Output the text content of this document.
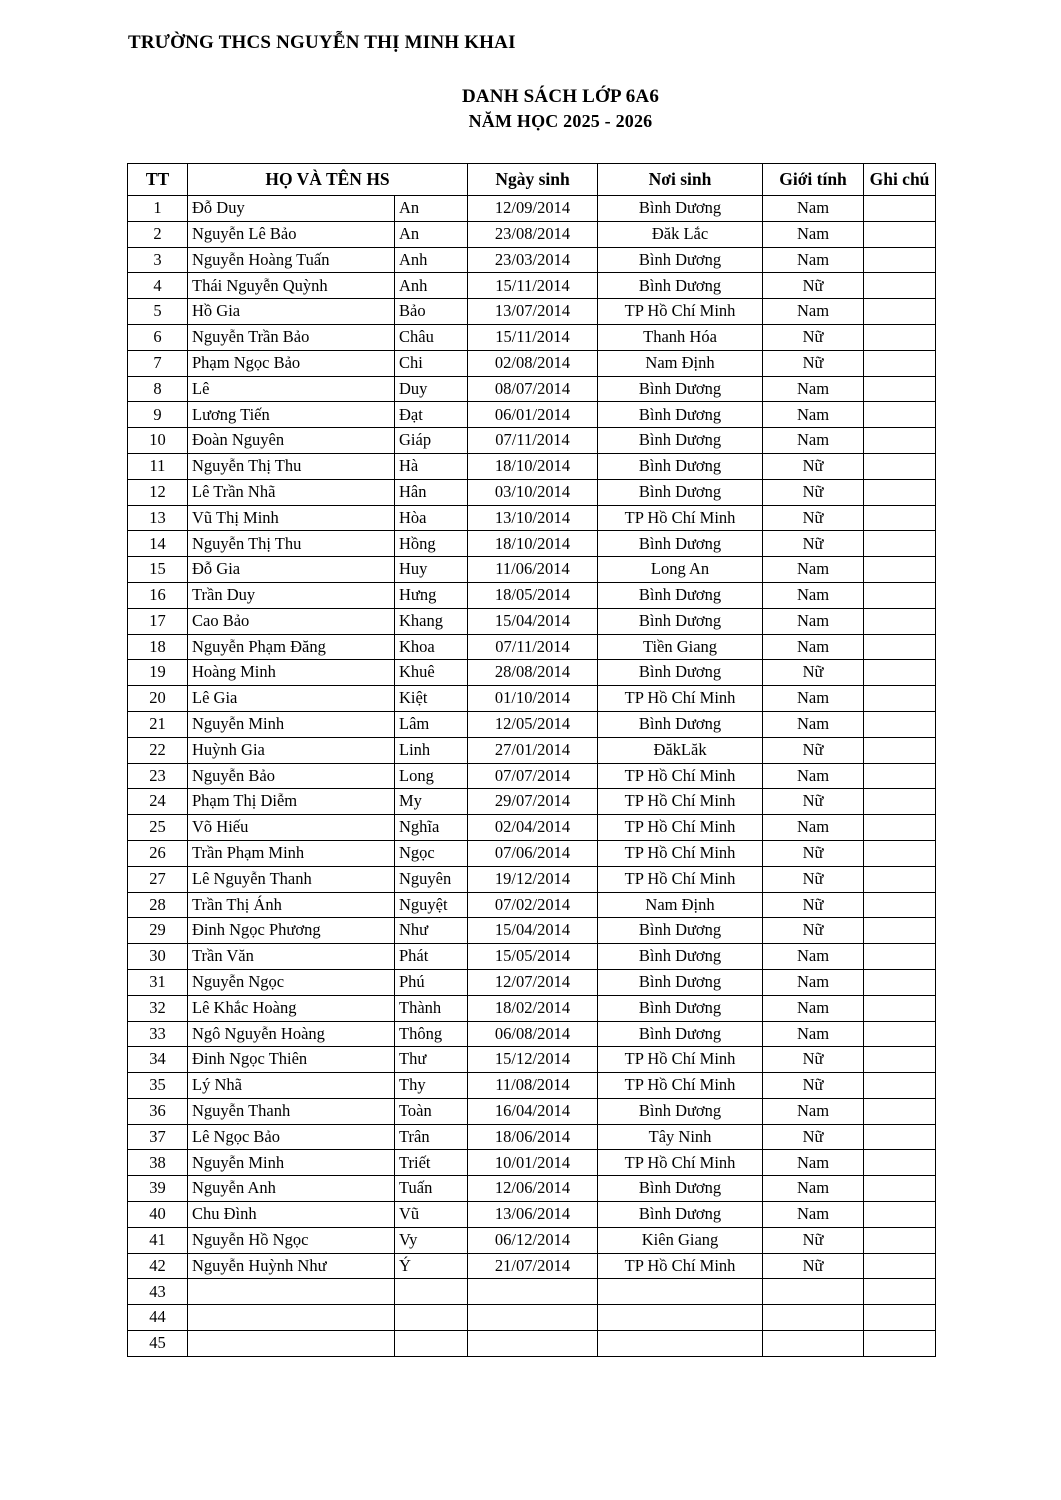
TRƯỜNG THCS NGUYỄN THỊ MINH KHAI
DANH SÁCH LỚP 6A6
NĂM HỌC 2025 - 2026
TT	HỌ VÀ TÊN HS		Ngày sinh	Nơi sinh	Giới tính	Ghi chú
1	Đỗ Duy	An	12/09/2014	Bình Dương	Nam	
2	Nguyễn Lê Bảo	An	23/08/2014	Đăk Lắc	Nam	
3	Nguyễn Hoàng Tuấn	Anh	23/03/2014	Bình Dương	Nam	
4	Thái Nguyễn Quỳnh	Anh	15/11/2014	Bình Dương	Nữ	
5	Hồ Gia	Bảo	13/07/2014	TP Hồ Chí Minh	Nam	
6	Nguyễn Trần Bảo	Châu	15/11/2014	Thanh Hóa	Nữ	
7	Phạm Ngọc Bảo	Chi	02/08/2014	Nam Định	Nữ	
8	Lê	Duy	08/07/2014	Bình Dương	Nam	
9	Lương Tiến	Đạt	06/01/2014	Bình Dương	Nam	
10	Đoàn Nguyên	Giáp	07/11/2014	Bình Dương	Nam	
11	Nguyễn Thị Thu	Hà	18/10/2014	Bình Dương	Nữ	
12	Lê Trần Nhã	Hân	03/10/2014	Bình Dương	Nữ	
13	Vũ Thị Minh	Hòa	13/10/2014	TP Hồ Chí Minh	Nữ	
14	Nguyễn Thị Thu	Hồng	18/10/2014	Bình Dương	Nữ	
15	Đỗ Gia	Huy	11/06/2014	Long An	Nam	
16	Trần Duy	Hưng	18/05/2014	Bình Dương	Nam	
17	Cao Bảo	Khang	15/04/2014	Bình Dương	Nam	
18	Nguyễn Phạm Đăng	Khoa	07/11/2014	Tiền Giang	Nam	
19	Hoàng Minh	Khuê	28/08/2014	Bình Dương	Nữ	
20	Lê Gia	Kiệt	01/10/2014	TP Hồ Chí Minh	Nam	
21	Nguyễn Minh	Lâm	12/05/2014	Bình Dương	Nam	
22	Huỳnh Gia	Linh	27/01/2014	ĐăkLăk	Nữ	
23	Nguyễn Bảo	Long	07/07/2014	TP Hồ Chí Minh	Nam	
24	Phạm Thị Diễm	My	29/07/2014	TP Hồ Chí Minh	Nữ	
25	Võ Hiếu	Nghĩa	02/04/2014	TP Hồ Chí Minh	Nam	
26	Trần Phạm Minh	Ngọc	07/06/2014	TP Hồ Chí Minh	Nữ	
27	Lê Nguyễn Thanh	Nguyên	19/12/2014	TP Hồ Chí Minh	Nữ	
28	Trần Thị Ánh	Nguyệt	07/02/2014	Nam Định	Nữ	
29	Đinh Ngọc Phương	Như	15/04/2014	Bình Dương	Nữ	
30	Trần Văn	Phát	15/05/2014	Bình Dương	Nam	
31	Nguyễn Ngọc	Phú	12/07/2014	Bình Dương	Nam	
32	Lê Khắc Hoàng	Thành	18/02/2014	Bình Dương	Nam	
33	Ngô Nguyễn Hoàng	Thông	06/08/2014	Bình Dương	Nam	
34	Đinh Ngọc Thiên	Thư	15/12/2014	TP Hồ Chí Minh	Nữ	
35	Lý Nhã	Thy	11/08/2014	TP Hồ Chí Minh	Nữ	
36	Nguyễn Thanh	Toàn	16/04/2014	Bình Dương	Nam	
37	Lê Ngọc Bảo	Trân	18/06/2014	Tây Ninh	Nữ	
38	Nguyễn Minh	Triết	10/01/2014	TP Hồ Chí Minh	Nam	
39	Nguyễn Anh	Tuấn	12/06/2014	Bình Dương	Nam	
40	Chu Đình	Vũ	13/06/2014	Bình Dương	Nam	
41	Nguyễn Hồ Ngọc	Vy	06/12/2014	Kiên Giang	Nữ	
42	Nguyễn Huỳnh Như	Ý	21/07/2014	TP Hồ Chí Minh	Nữ	
43						
44						
45						
